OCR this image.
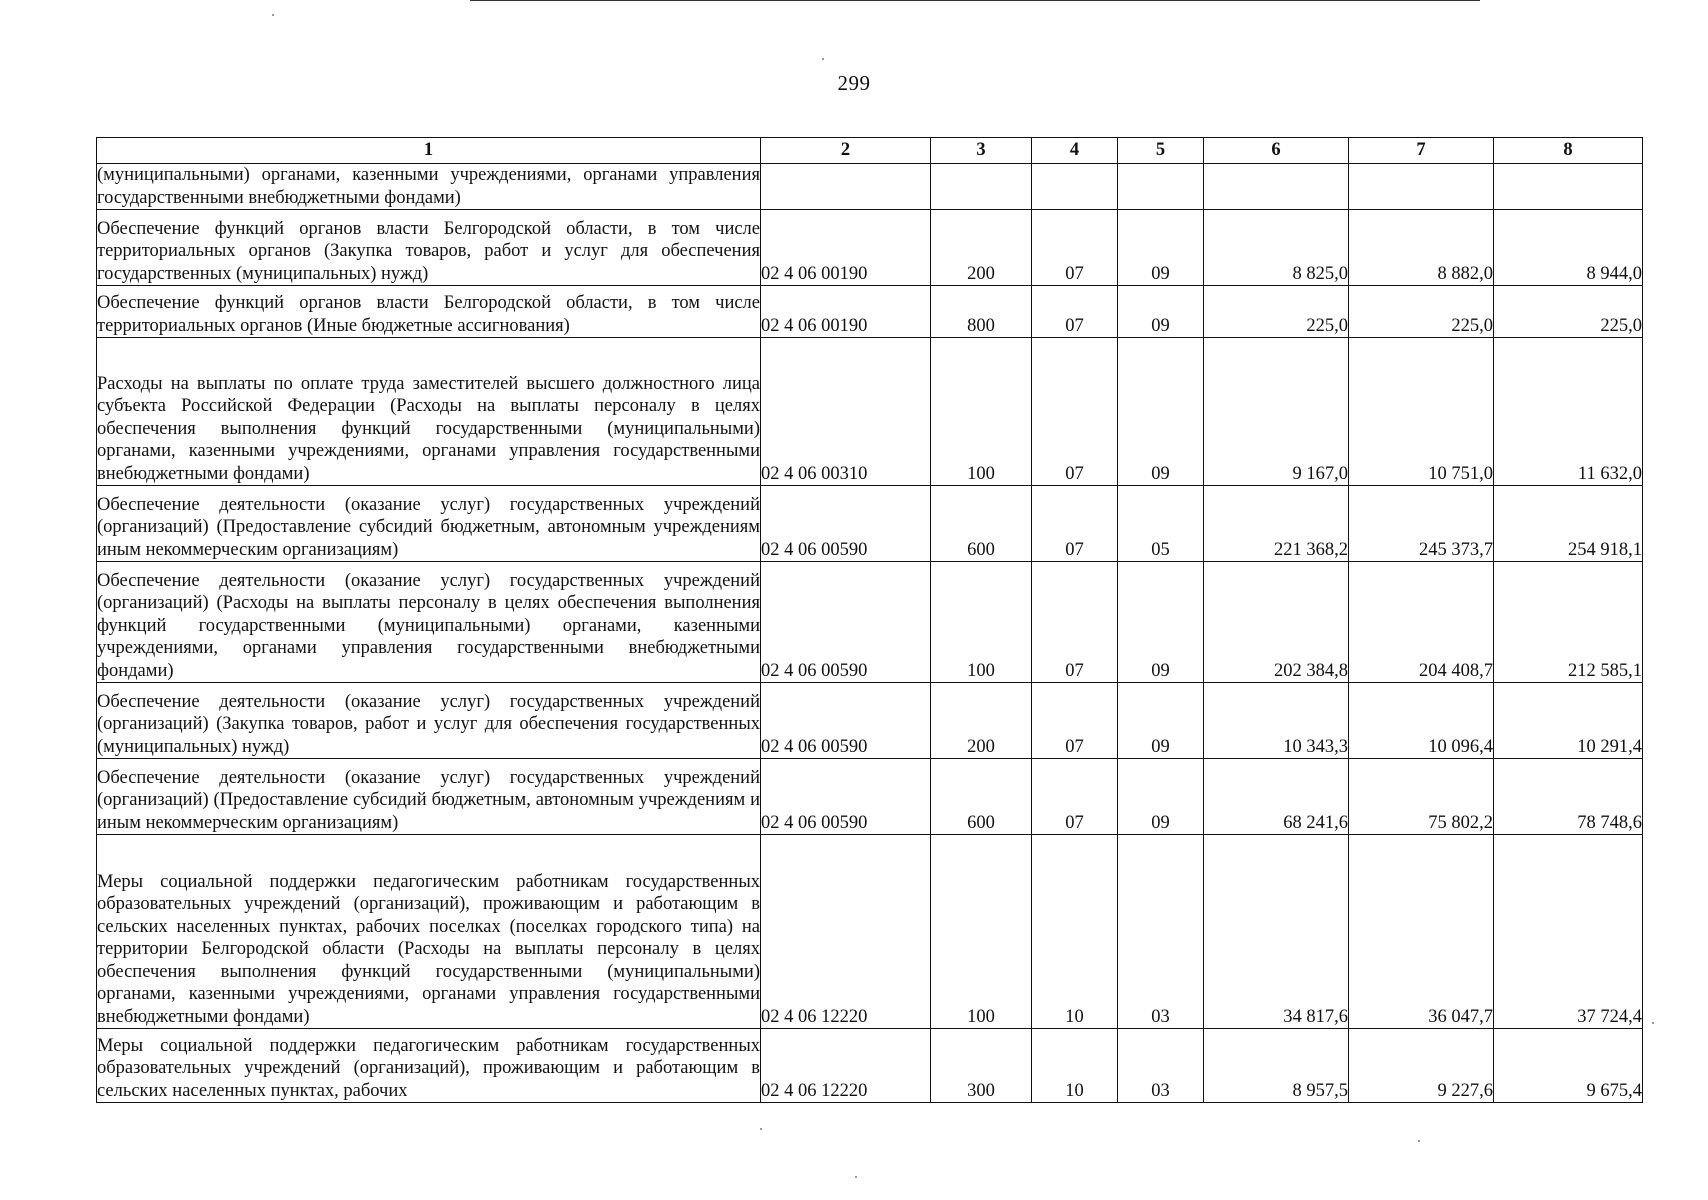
299
1	2	3	4	5	6	7	8
(муниципальными) органами, казенными учреждениями, органами управления государственными внебюджетными фондами)							
Обеспечение функций органов власти Белгородской области, в том числе территориальных органов (Закупка товаров, работ и услуг для обеспечения государственных (муниципальных) нужд)	02 4 06 00190	200	07	09	8 825,0	8 882,0	8 944,0
Обеспечение функций органов власти Белгородской области, в том числе территориальных органов (Иные бюджетные ассигнования)	02 4 06 00190	800	07	09	225,0	225,0	225,0
Расходы на выплаты по оплате труда заместителей высшего должностного лица субъекта Российской Федерации (Расходы на выплаты персоналу в целях обеспечения выполнения функций государственными (муниципальными) органами, казенными учреждениями, органами управления государственными внебюджетными фондами)	02 4 06 00310	100	07	09	9 167,0	10 751,0	11 632,0
Обеспечение деятельности (оказание услуг) государственных учреждений (организаций) (Предоставление субсидий бюджетным, автономным учреждениям иным некоммерческим организациям)	02 4 06 00590	600	07	05	221 368,2	245 373,7	254 918,1
Обеспечение деятельности (оказание услуг) государственных учреждений (организаций) (Расходы на выплаты персоналу в целях обеспечения выполнения функций государственными (муниципальными) органами, казенными учреждениями, органами управления государственными внебюджетными фондами)	02 4 06 00590	100	07	09	202 384,8	204 408,7	212 585,1
Обеспечение деятельности (оказание услуг) государственных учреждений (организаций) (Закупка товаров, работ и услуг для обеспечения государственных (муниципальных) нужд)	02 4 06 00590	200	07	09	10 343,3	10 096,4	10 291,4
Обеспечение деятельности (оказание услуг) государственных учреждений (организаций) (Предоставление субсидий бюджетным, автономным учреждениям и иным некоммерческим организациям)	02 4 06 00590	600	07	09	68 241,6	75 802,2	78 748,6
Меры социальной поддержки педагогическим работникам государственных образовательных учреждений (организаций), проживающим и работающим в сельских населенных пунктах, рабочих поселках (поселках городского типа) на территории Белгородской области (Расходы на выплаты персоналу в целях обеспечения выполнения функций государственными (муниципальными) органами, казенными учреждениями, органами управления государственными внебюджетными фондами)	02 4 06 12220	100	10	03	34 817,6	36 047,7	37 724,4
Меры социальной поддержки педагогическим работникам государственных образовательных учреждений (организаций), проживающим и работающим в сельских населенных пунктах, рабочих	02 4 06 12220	300	10	03	8 957,5	9 227,6	9 675,4
